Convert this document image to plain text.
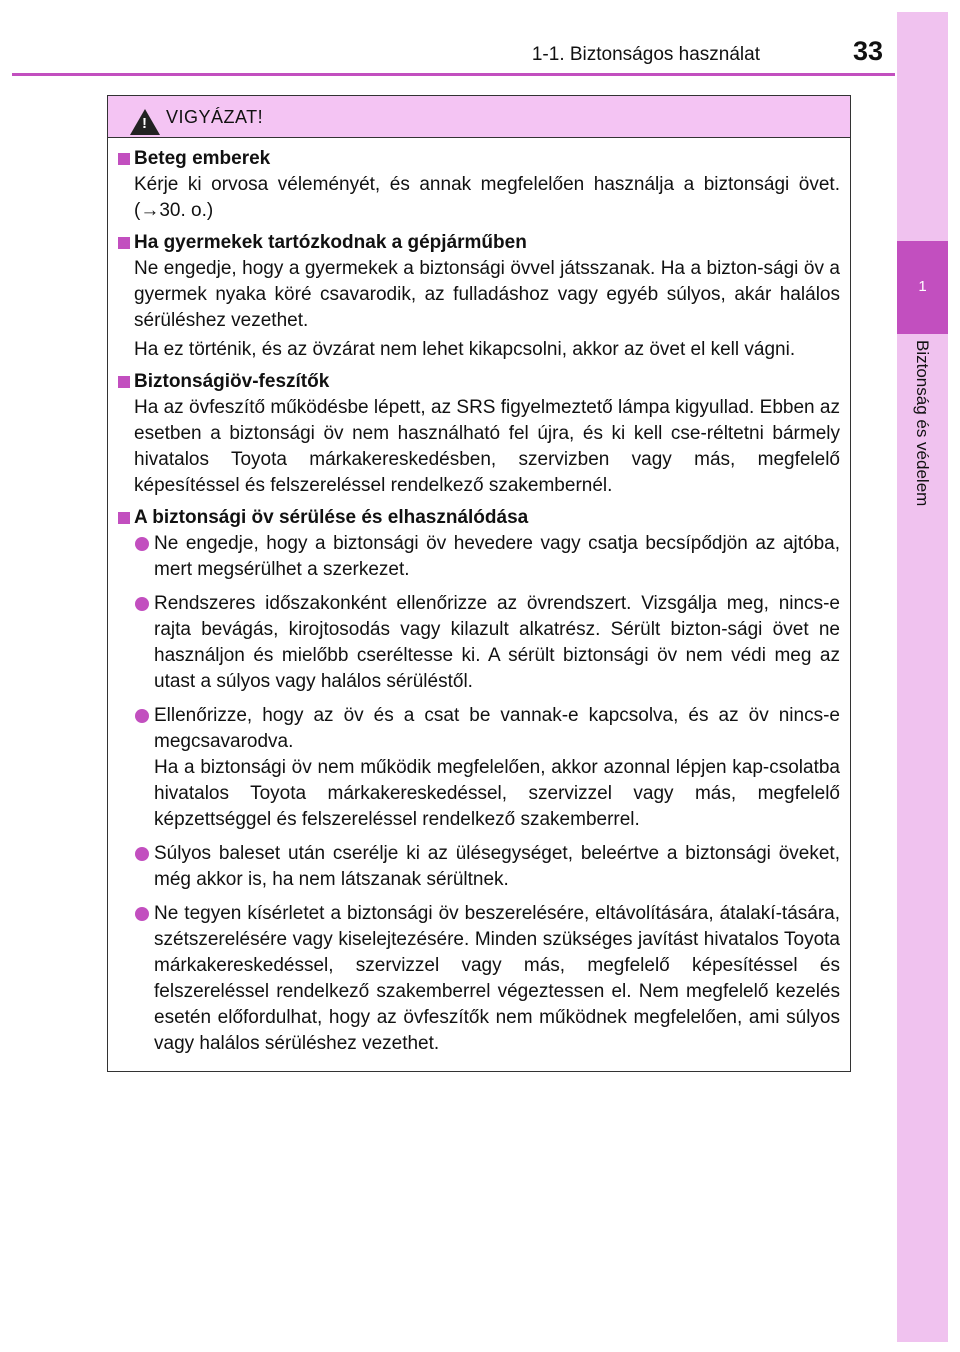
1-1. Biztonságos használat	33
1
Biztonság és védelem
! VIGYÁZAT!
Beteg emberek
Kérje ki orvosa véleményét, és annak megfelelően használja a biztonsági övet. (→30. o.)
Ha gyermekek tartózkodnak a gépjárműben
Ne engedje, hogy a gyermekek a biztonsági övvel játsszanak. Ha a bizton-sági öv a gyermek nyaka köré csavarodik, az fulladáshoz vagy egyéb súlyos, akár halálos sérüléshez vezethet.
Ha ez történik, és az övzárat nem lehet kikapcsolni, akkor az övet el kell vágni.
Biztonságiöv-feszítők
Ha az övfeszítő működésbe lépett, az SRS figyelmeztető lámpa kigyullad. Ebben az esetben a biztonsági öv nem használható fel újra, és ki kell cse-réltetni bármely hivatalos Toyota márkakereskedésben, szervizben vagy más, megfelelő képesítéssel és felszereléssel rendelkező szakembernél.
A biztonsági öv sérülése és elhasználódása
Ne engedje, hogy a biztonsági öv hevedere vagy csatja becsípődjön az ajtóba, mert megsérülhet a szerkezet.
Rendszeres időszakonként ellenőrizze az övrendszert. Vizsgálja meg, nincs-e rajta bevágás, kirojtosodás vagy kilazult alkatrész. Sérült bizton-sági övet ne használjon és mielőbb cseréltesse ki. A sérült biztonsági öv nem védi meg az utast a súlyos vagy halálos sérüléstől.
Ellenőrizze, hogy az öv és a csat be vannak-e kapcsolva, és az öv nincs-e megcsavarodva.
Ha a biztonsági öv nem működik megfelelően, akkor azonnal lépjen kap-csolatba hivatalos Toyota márkakereskedéssel, szervizzel vagy más, megfelelő képzettséggel és felszereléssel rendelkező szakemberrel.
Súlyos baleset után cserélje ki az ülésegységet, beleértve a biztonsági öveket, még akkor is, ha nem látszanak sérültnek.
Ne tegyen kísérletet a biztonsági öv beszerelésére, eltávolítására, átalakí-tására, szétszerelésére vagy kiselejtezésére. Minden szükséges javítást hivatalos Toyota márkakereskedéssel, szervizzel vagy más, megfelelő képesítéssel és felszereléssel rendelkező szakemberrel végeztessen el. Nem megfelelő kezelés esetén előfordulhat, hogy az övfeszítők nem működnek megfelelően, ami súlyos vagy halálos sérüléshez vezethet.
